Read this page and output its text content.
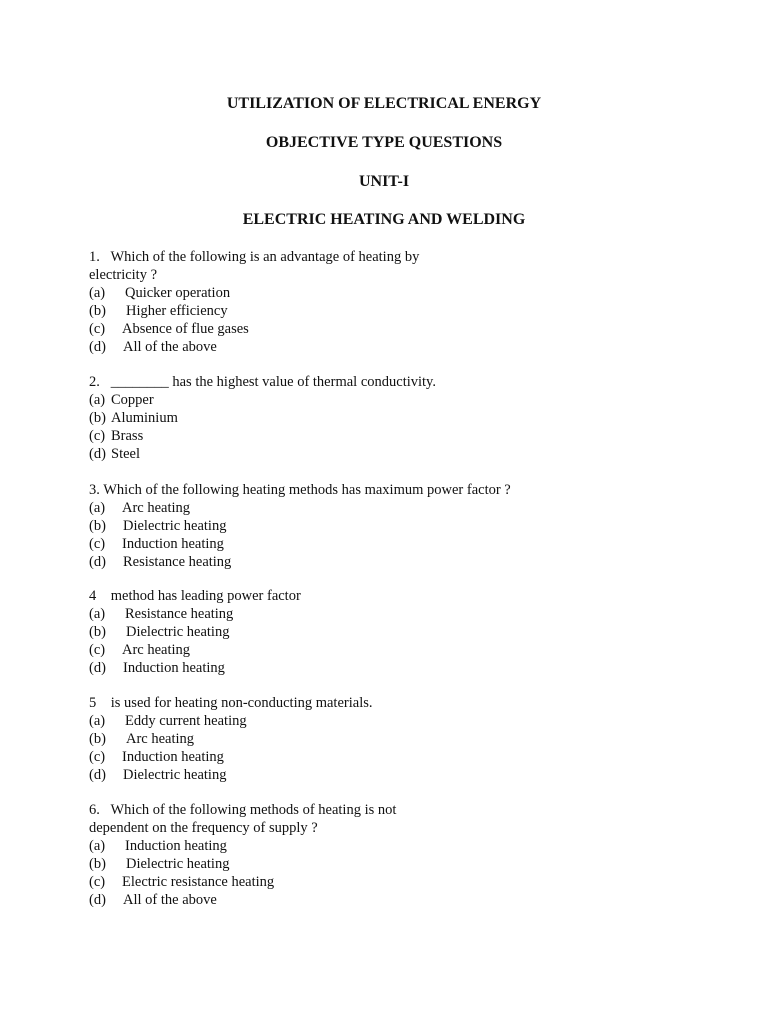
UTILIZATION OF ELECTRICAL ENERGY
OBJECTIVE TYPE QUESTIONS
UNIT-I
ELECTRIC HEATING AND WELDING
1.   Which of the following is an advantage of heating by
electricity ?
(a) Quicker operation
(b) Higher efficiency
(c) Absence of flue gases
(d) All of the above
2.   ________ has the highest value of thermal conductivity.
(a) Copper
(b) Aluminium
(c) Brass
(d) Steel
3. Which of the following heating methods has maximum power factor ?
(a) Arc heating
(b) Dielectric heating
(c) Induction heating
(d) Resistance heating
4    method has leading power factor
(a) Resistance heating
(b) Dielectric heating
(c) Arc heating
(d) Induction heating
5    is used for heating non-conducting materials.
(a) Eddy current heating
(b) Arc heating
(c) Induction heating
(d) Dielectric heating
6.   Which of the following methods of heating is not
dependent on the frequency of supply ?
(a) Induction heating
(b) Dielectric heating
(c) Electric resistance heating
(d) All of the above
